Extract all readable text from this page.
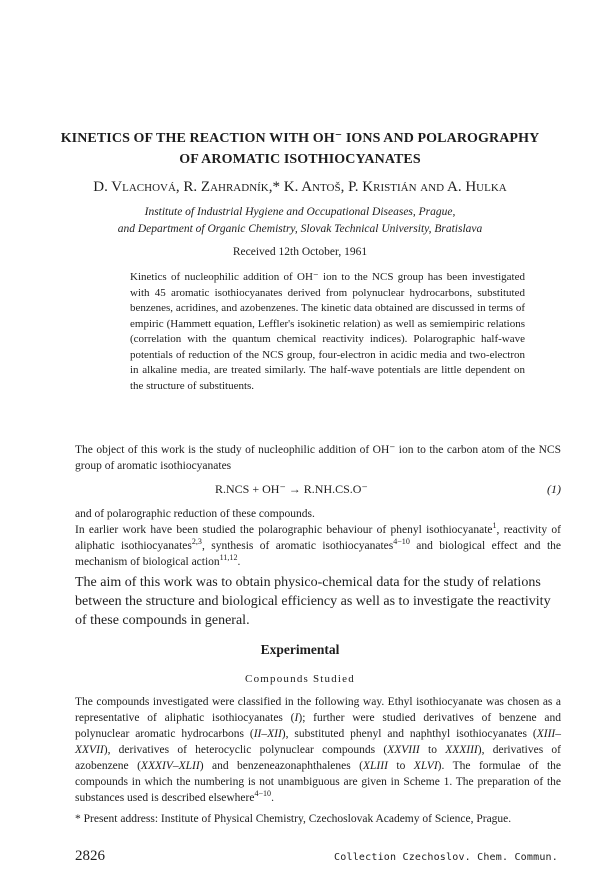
KINETICS OF THE REACTION WITH OH⁻ IONS AND POLAROGRAPHY
OF AROMATIC ISOTHIOCYANATES
D. Vlachová, R. Zahradník,* K. Antoš, P. Kristián and A. Hulka
Institute of Industrial Hygiene and Occupational Diseases, Prague,
and Department of Organic Chemistry, Slovak Technical University, Bratislava
Received 12th October, 1961
Kinetics of nucleophilic addition of OH⁻ ion to the NCS group has been investigated with 45 aromatic isothiocyanates derived from polynuclear hydrocarbons, substituted benzenes, acridines, and azobenzenes. The kinetic data obtained are discussed in terms of empiric (Hammett equation, Leffler's isokinetic relation) as well as semiempiric relations (correlation with the quantum chemical reactivity indices). Polarographic half-wave potentials of reduction of the NCS group, four-electron in acidic media and two-electron in alkaline media, are treated similarly. The half-wave potentials are little dependent on the structure of substituents.
The object of this work is the study of nucleophilic addition of OH⁻ ion to the carbon atom of the NCS group of aromatic isothiocyanates
R.NCS + OH⁻ → R.NH.CS.O⁻	(1)
and of polarographic reduction of these compounds.
In earlier work have been studied the polarographic behaviour of phenyl isothiocyanate$^1$, reactivity of aliphatic isothiocyanates$^{2,3}$, synthesis of aromatic isothiocyanates$^{4-10}$ and biological effect and the mechanism of biological action$^{11,12}$.
The aim of this work was to obtain physico-chemical data for the study of relations between the structure and biological efficiency as well as to investigate the reactivity of these compounds in general.
Experimental
Compounds Studied
The compounds investigated were classified in the following way. Ethyl isothiocyanate was chosen as a representative of aliphatic isothiocyanates (I); further were studied derivatives of benzene and polynuclear aromatic hydrocarbons (II–XII), substituted phenyl and naphthyl isothiocyanates (XIII–XXVII), derivatives of heterocyclic polynuclear compounds (XXVIII to XXXIII), derivatives of azobenzene (XXXIV–XLII) and benzeneazonaphthalenes (XLIII to XLVI). The formulae of the compounds in which the numbering is not unambiguous are given in Scheme 1. The preparation of the substances used is described elsewhere$^{4-10}$.
* Present address: Institute of Physical Chemistry, Czechoslovak Academy of Science, Prague.
2826	Collection Czechoslov. Chem. Commun.
